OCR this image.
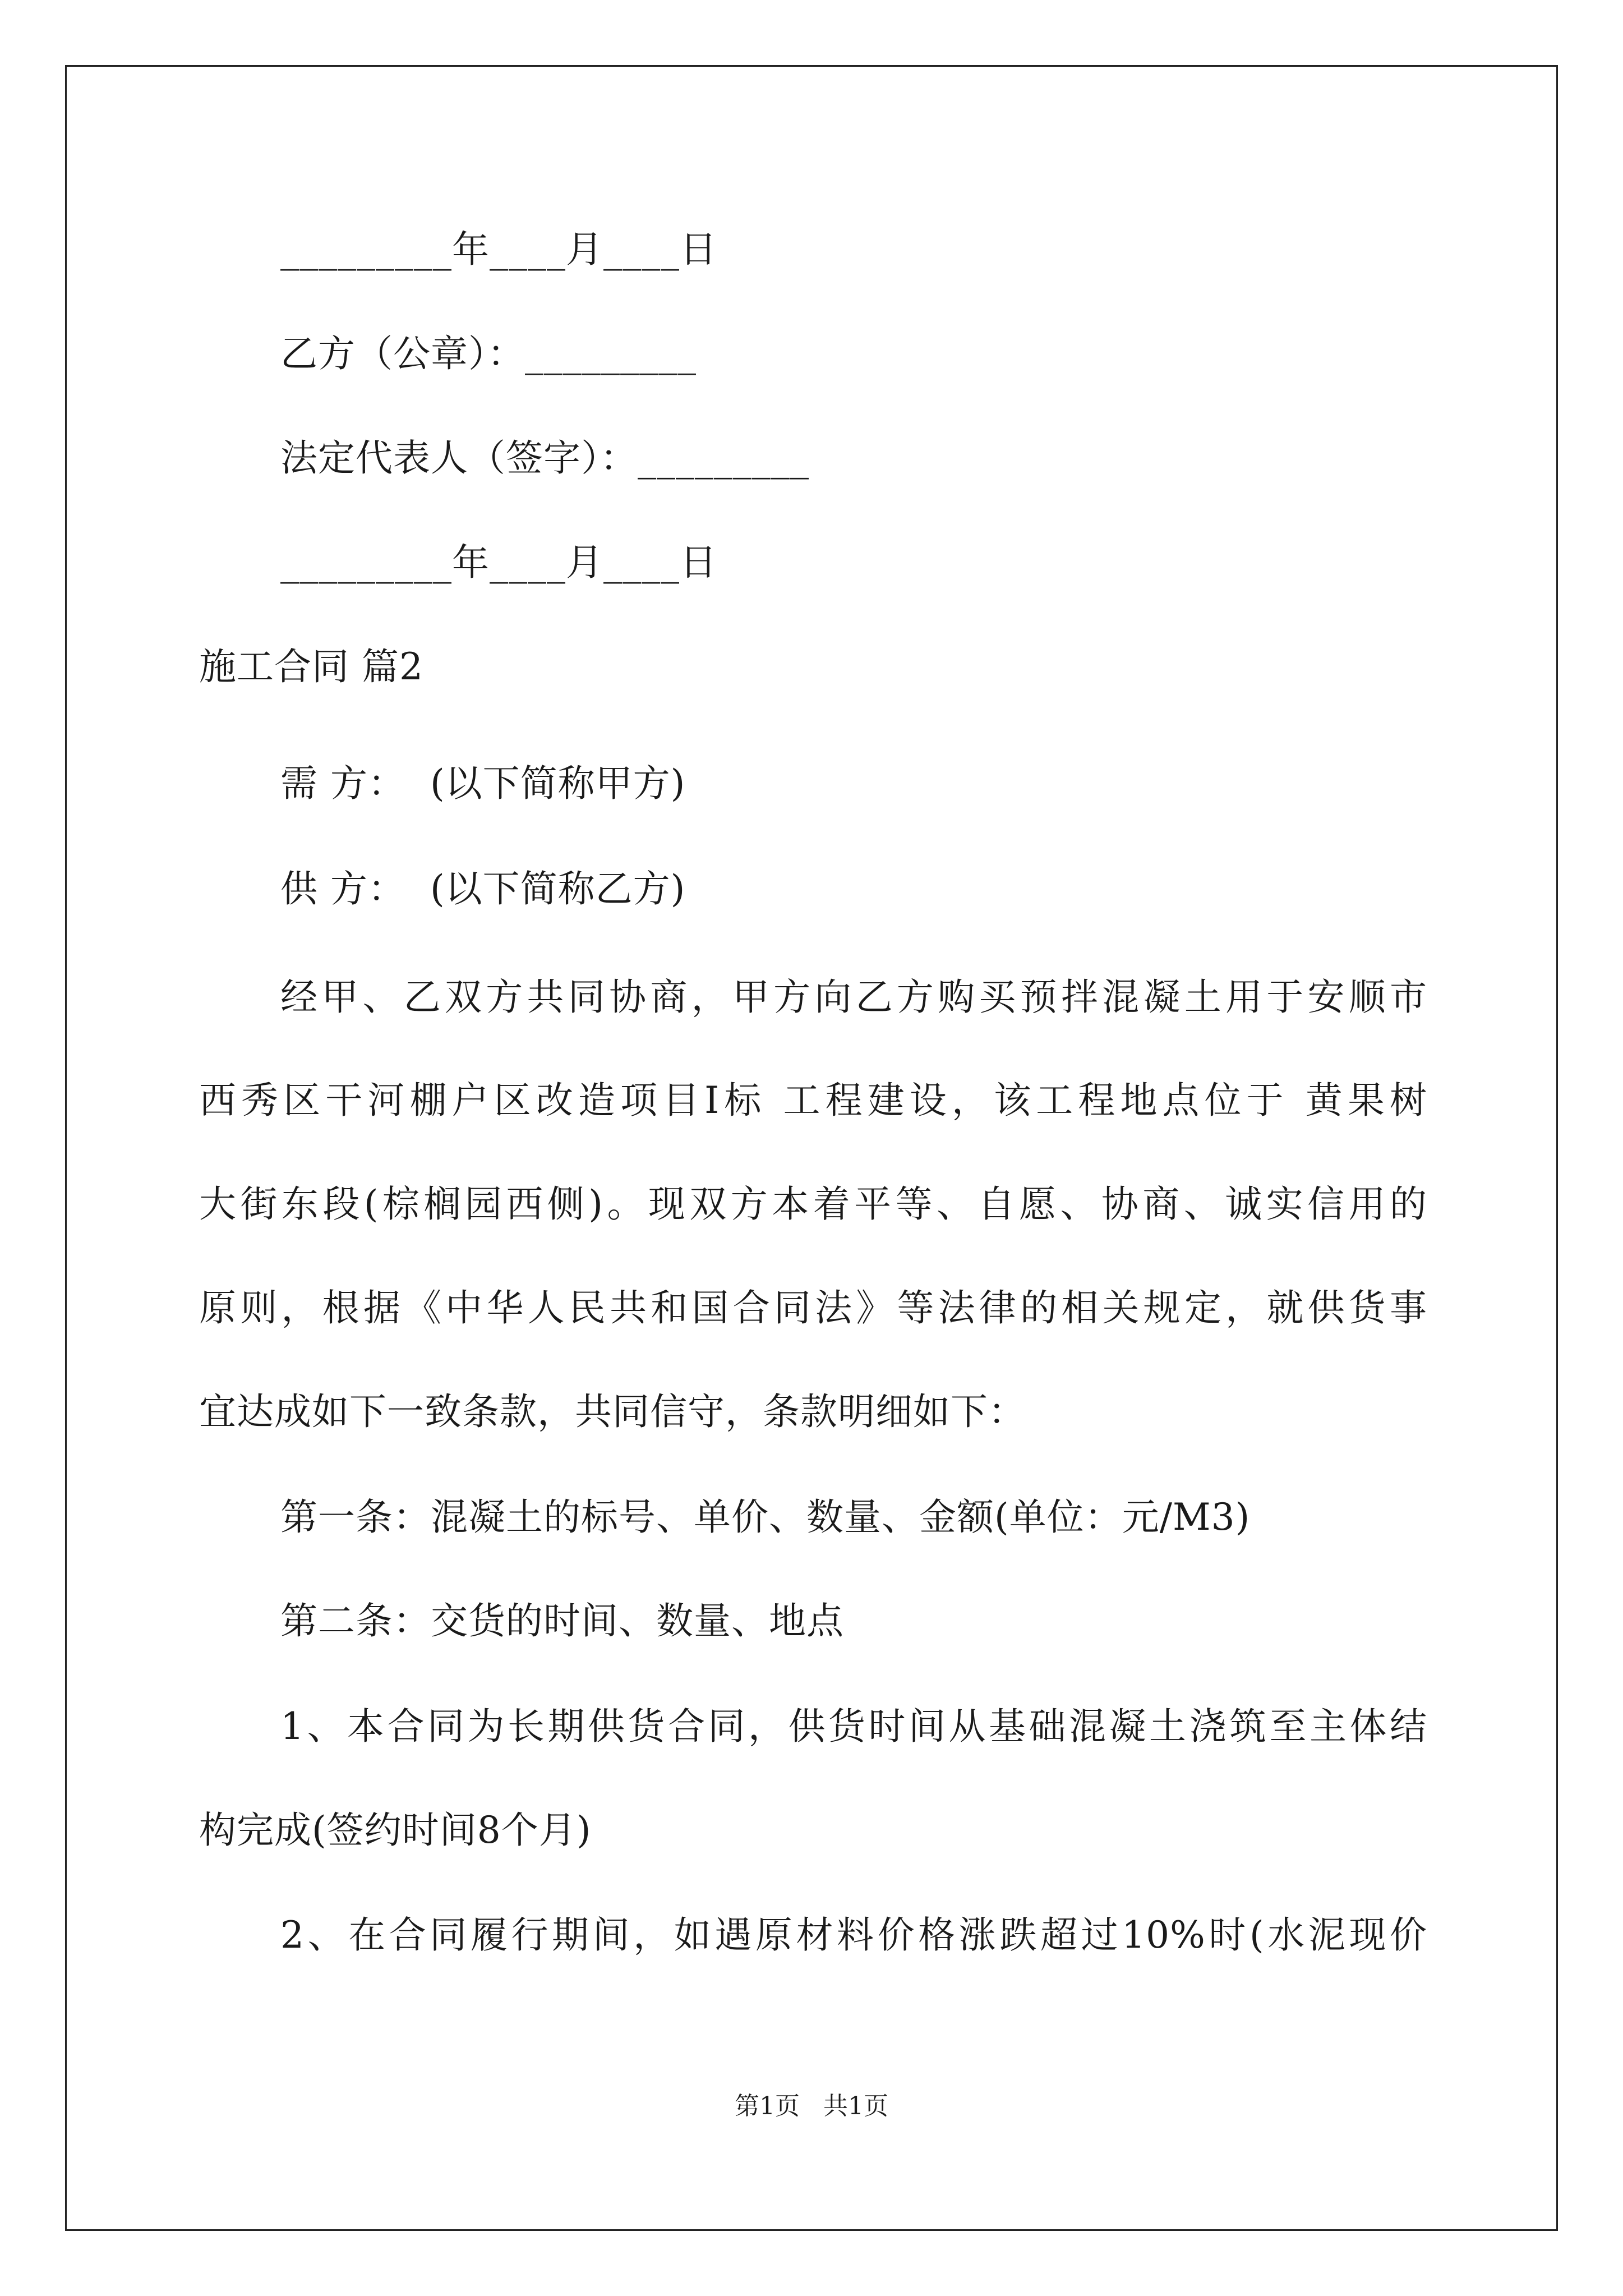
_________年____月____日
乙方（公章）：_________
法定代表人（签字）：_________
_________年____月____日
施工合同 篇2
需 方：  (以下简称甲方)
供 方：  (以下简称乙方)
经甲、乙双方共同协商，甲方向乙方购买预拌混凝土用于安顺市
西秀区干河棚户区改造项目Ⅰ标 工程建设，该工程地点位于 黄果树
大街东段(棕榈园西侧)。现双方本着平等、自愿、协商、诚实信用的
原则，根据《中华人民共和国合同法》等法律的相关规定，就供货事
宜达成如下一致条款，共同信守，条款明细如下：
第一条：混凝土的标号、单价、数量、金额(单位：元/M3)
第二条：交货的时间、数量、地点
1、本合同为长期供货合同，供货时间从基础混凝土浇筑至主体结
构完成(签约时间8个月)
2、在合同履行期间，如遇原材料价格涨跌超过10%时(水泥现价
第1页   共1页
